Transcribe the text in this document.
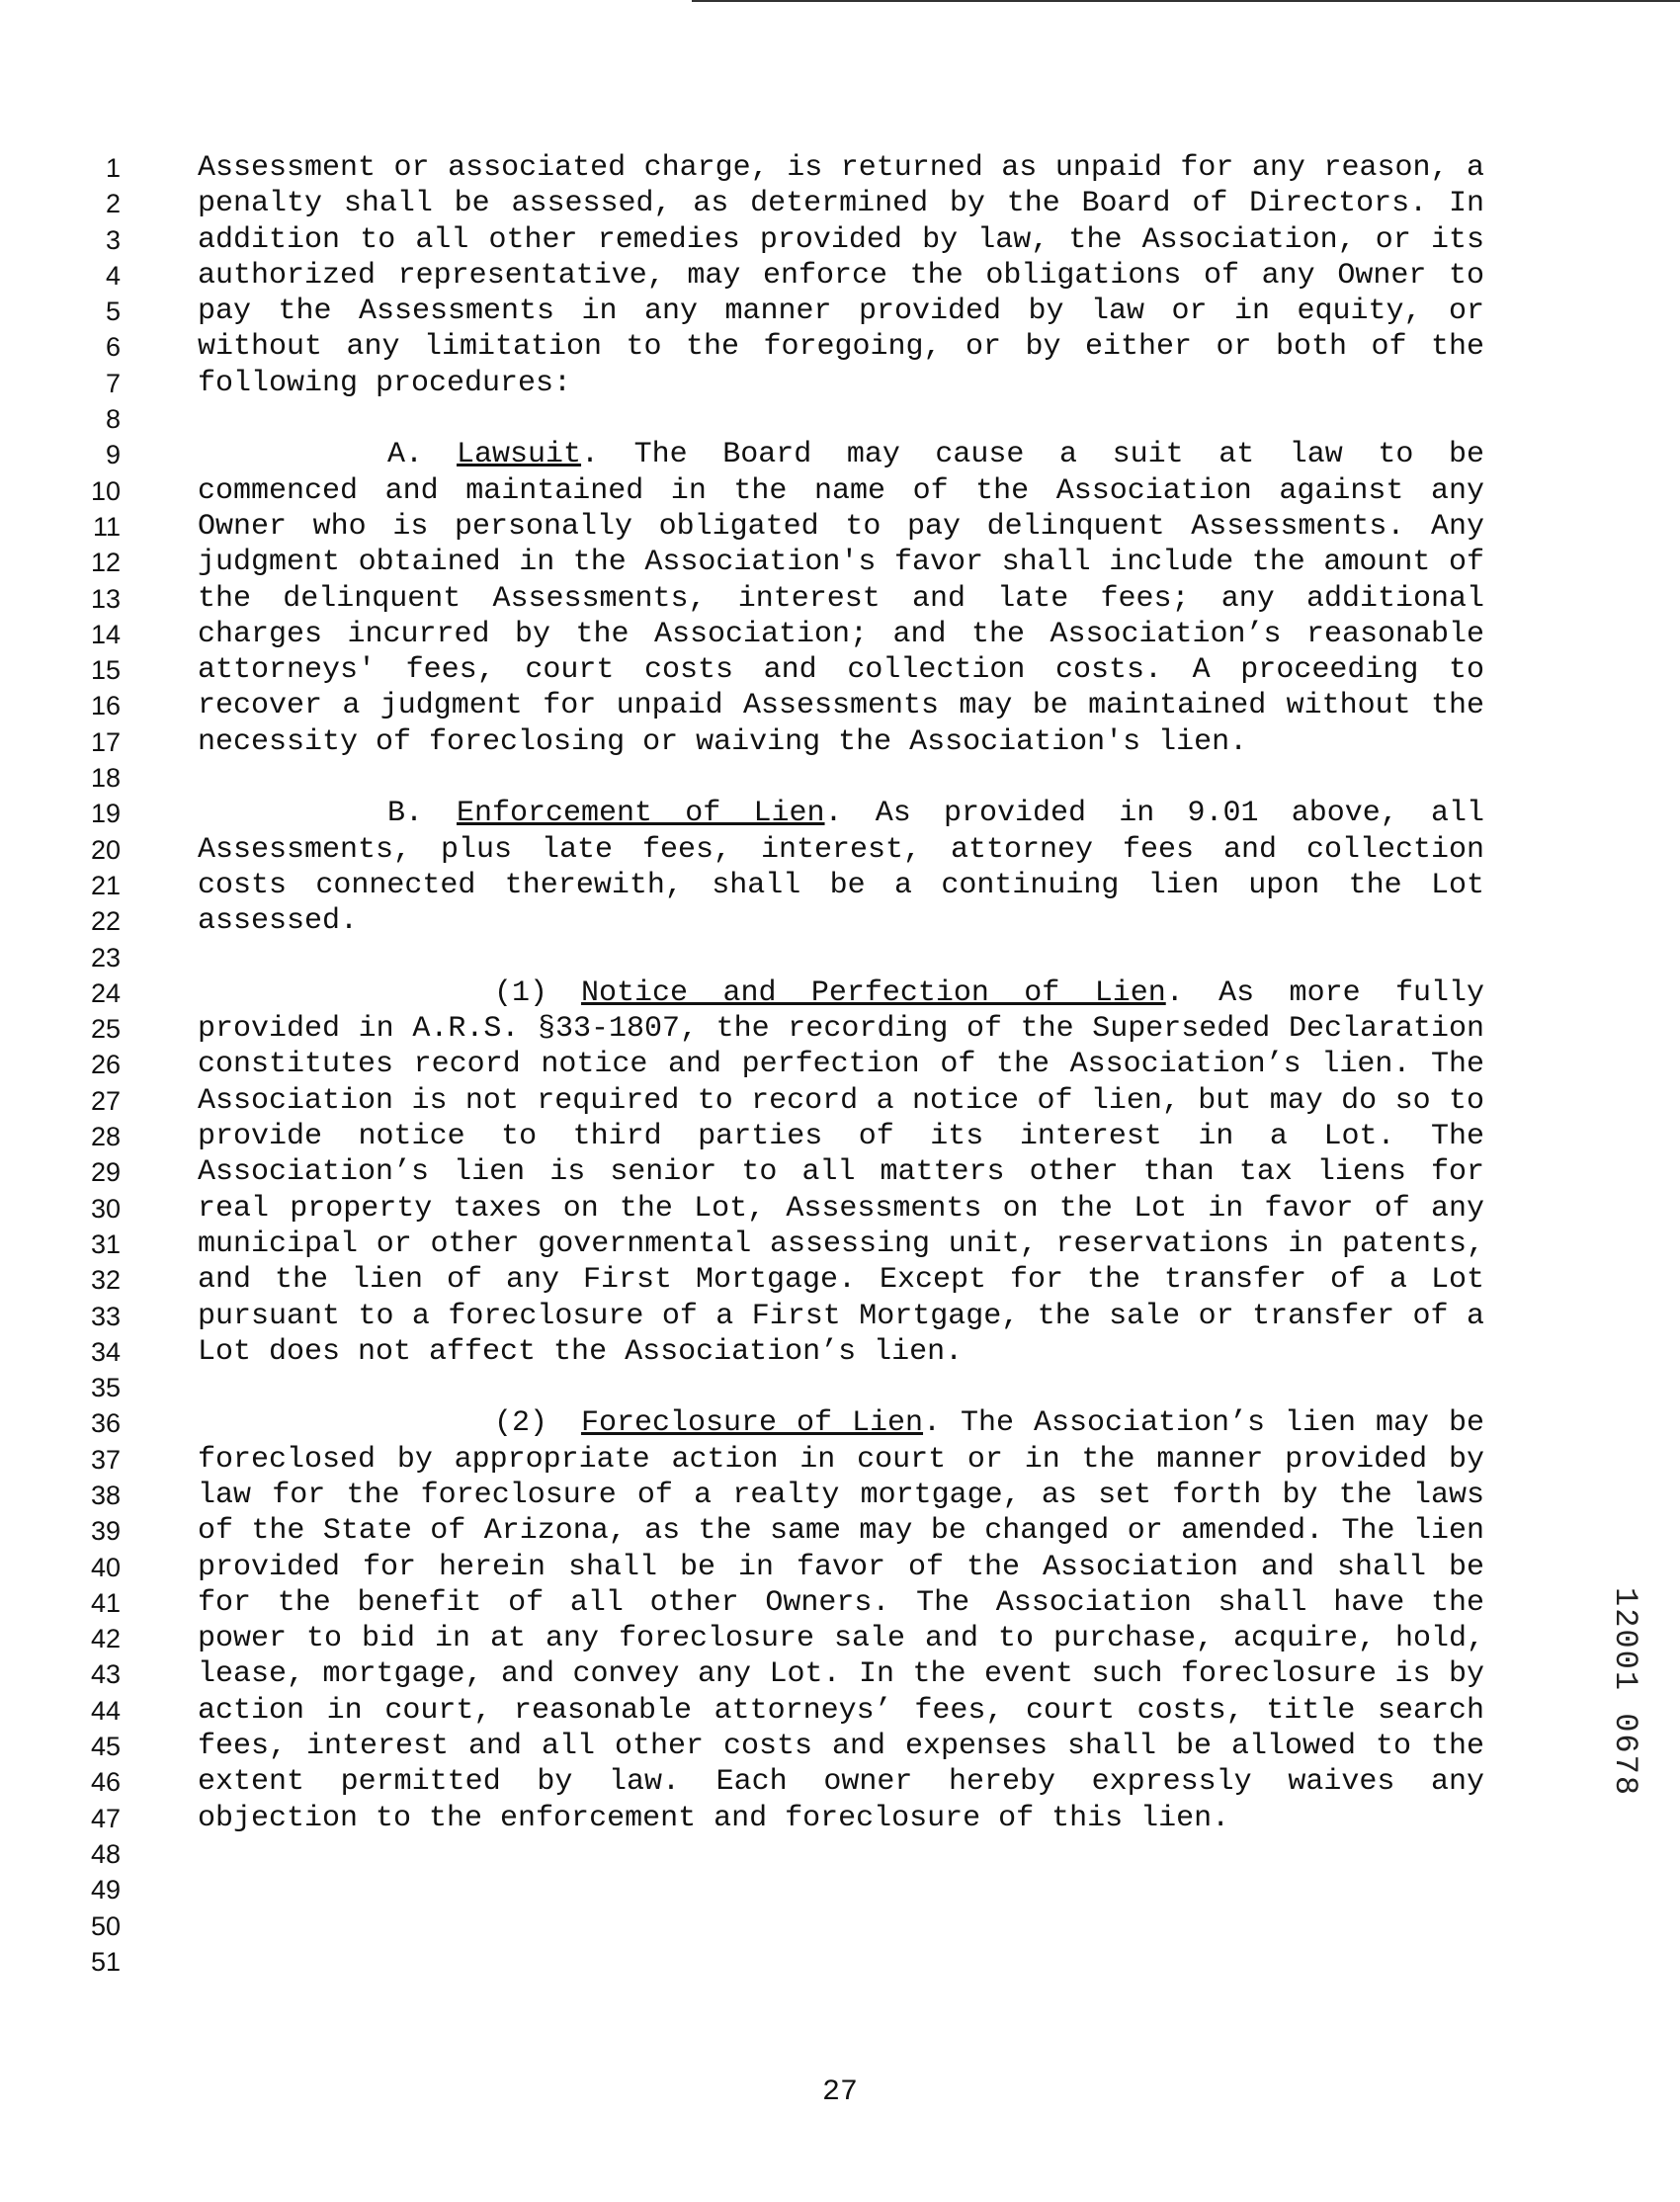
1
2
3
4
5
6
7
8
9
10
11
12
13
14
15
16
17
18
19
20
21
22
23
24
25
26
27
28
29
30
31
32
33
34
35
36
37
38
39
40
41
42
43
44
45
46
47
48
49
50
51

Assessment or associated charge, is returned as unpaid for any reason, a penalty shall be assessed, as determined by the Board of Directors. In addition to all other remedies provided by law, the Association, or its authorized representative, may enforce the obligations of any Owner to pay the Assessments in any manner provided by law or in equity, or without any limitation to the foregoing, or by either or both of the following procedures:

A. Lawsuit. The Board may cause a suit at law to be commenced and maintained in the name of the Association against any Owner who is personally obligated to pay delinquent Assessments. Any judgment obtained in the Association's favor shall include the amount of the delinquent Assessments, interest and late fees; any additional charges incurred by the Association; and the Association’s reasonable attorneys' fees, court costs and collection costs. A proceeding to recover a judgment for unpaid Assessments may be maintained without the necessity of foreclosing or waiving the Association's lien.

B. Enforcement of Lien. As provided in 9.01 above, all Assessments, plus late fees, interest, attorney fees and collection costs connected therewith, shall be a continuing lien upon the Lot assessed.

(1) Notice and Perfection of Lien. As more fully provided in A.R.S. §33-1807, the recording of the Superseded Declaration constitutes record notice and perfection of the Association’s lien. The Association is not required to record a notice of lien, but may do so to provide notice to third parties of its interest in a Lot. The Association’s lien is senior to all matters other than tax liens for real property taxes on the Lot, Assessments on the Lot in favor of any municipal or other governmental assessing unit, reservations in patents, and the lien of any First Mortgage. Except for the transfer of a Lot pursuant to a foreclosure of a First Mortgage, the sale or transfer of a Lot does not affect the Association’s lien.

(2) Foreclosure of Lien. The Association’s lien may be foreclosed by appropriate action in court or in the manner provided by law for the foreclosure of a realty mortgage, as set forth by the laws of the State of Arizona, as the same may be changed or amended. The lien provided for herein shall be in favor of the Association and shall be for the benefit of all other Owners. The Association shall have the power to bid in at any foreclosure sale and to purchase, acquire, hold, lease, mortgage, and convey any Lot. In the event such foreclosure is by action in court, reasonable attorneys’ fees, court costs, title search fees, interest and all other costs and expenses shall be allowed to the extent permitted by law. Each owner hereby expressly waives any objection to the enforcement and foreclosure of this lien.

27
12001 0678
